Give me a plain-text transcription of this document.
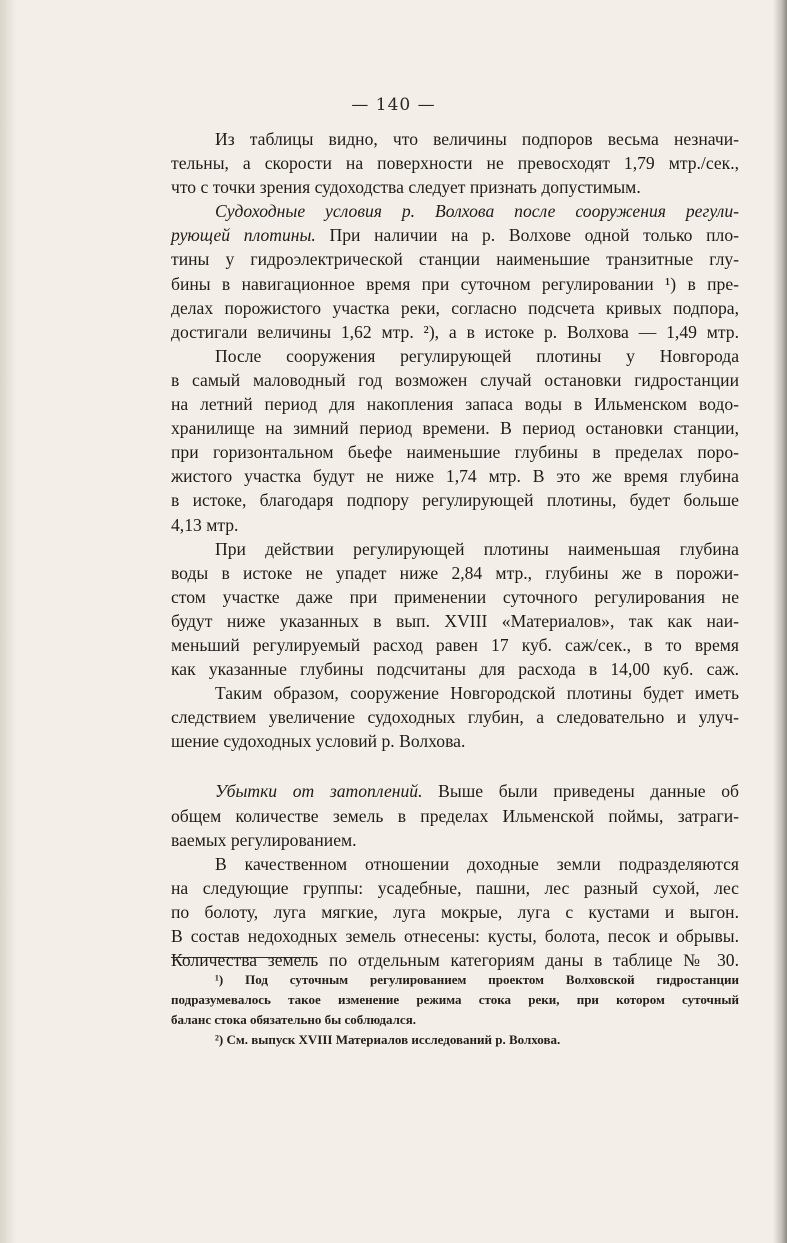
— 140 —
Из таблицы видно, что величины подпоров весьма незначи-
тельны, а скорости на поверхности не превосходят 1,79 мтр./сек.,
что с точки зрения судоходства следует признать допустимым.
Судоходные условия р. Волхова после сооружения регули-
рующей плотины. При наличии на р. Волхове одной только пло-
тины у гидроэлектрической станции наименьшие транзитные глу-
бины в навигационное время при суточном регулировании ¹) в пре-
делах порожистого участка реки, согласно подсчета кривых подпора,
достигали величины 1,62 мтр. ²), а в истоке р. Волхова — 1,49 мтр.
После сооружения регулирующей плотины у Новгорода
в самый маловодный год возможен случай остановки гидростанции
на летний период для накопления запаса воды в Ильменском водо-
хранилище на зимний период времени. В период остановки станции,
при горизонтальном бьефе наименьшие глубины в пределах поро-
жистого участка будут не ниже 1,74 мтр. В это же время глубина
в истоке, благодаря подпору регулирующей плотины, будет больше
4,13 мтр.
При действии регулирующей плотины наименьшая глубина
воды в истоке не упадет ниже 2,84 мтр., глубины же в порожи-
стом участке даже при применении суточного регулирования не
будут ниже указанных в вып. XVIII «Материалов», так как наи-
меньший регулируемый расход равен 17 куб. саж/сек., в то время
как указанные глубины подсчитаны для расхода в 14,00 куб. саж.
Таким образом, сооружение Новгородской плотины будет иметь
следствием увеличение судоходных глубин, а следовательно и улуч-
шение судоходных условий р. Волхова.
Убытки от затоплений. Выше были приведены данные об
общем количестве земель в пределах Ильменской поймы, затраги-
ваемых регулированием.
В качественном отношении доходные земли подразделяются
на следующие группы: усадебные, пашни, лес разный сухой, лес
по болоту, луга мягкие, луга мокрые, луга с кустами и выгон.
В состав недоходных земель отнесены: кусты, болота, песок и обрывы.
Количества земель по отдельным категориям даны в таблице № 30.
¹) Под суточным регулированием проектом Волховской гидростанции
подразумевалось такое изменение режима стока реки, при котором суточный
баланс стока обязательно бы соблюдался.
²) См. выпуск XVIII Материалов исследований р. Волхова.
